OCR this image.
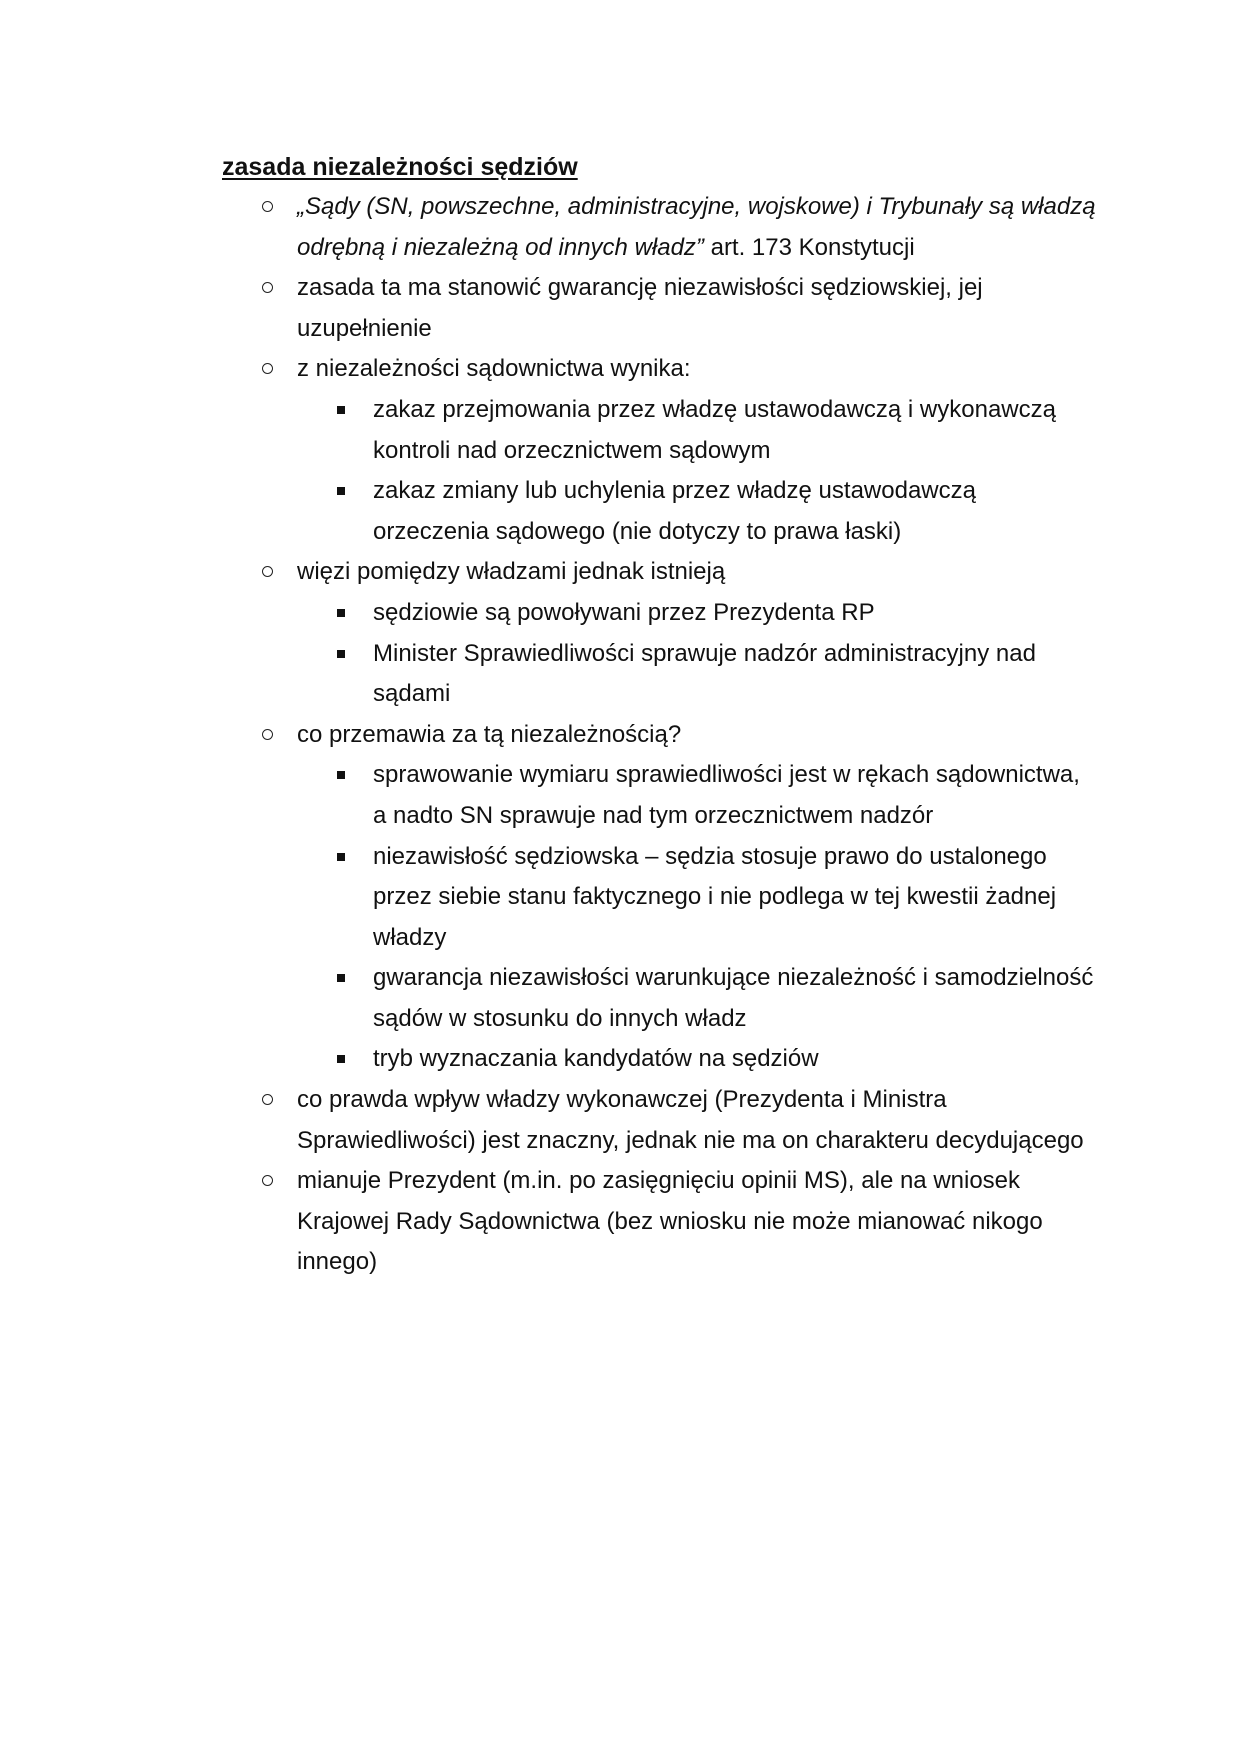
zasada niezależności sędziów
„Sądy (SN, powszechne, administracyjne, wojskowe) i Trybunały są władzą odrębną i niezależną od innych władz” art. 173 Konstytucji
zasada ta ma stanowić gwarancję niezawisłości sędziowskiej, jej uzupełnienie
z niezależności sądownictwa wynika:
zakaz przejmowania przez władzę ustawodawczą i wykonawczą kontroli nad orzecznictwem sądowym
zakaz zmiany lub uchylenia przez władzę ustawodawczą orzeczenia sądowego (nie dotyczy to prawa łaski)
więzi pomiędzy władzami jednak istnieją
sędziowie są powoływani przez Prezydenta RP
Minister Sprawiedliwości sprawuje nadzór administracyjny nad sądami
co przemawia za tą niezależnością?
sprawowanie wymiaru sprawiedliwości jest w rękach sądownictwa, a nadto SN sprawuje nad tym orzecznictwem nadzór
niezawisłość sędziowska – sędzia stosuje prawo do ustalonego przez siebie stanu faktycznego i nie podlega w tej kwestii żadnej władzy
gwarancja niezawisłości warunkujące niezależność i samodzielność sądów w stosunku do innych władz
tryb wyznaczania kandydatów na sędziów
co prawda wpływ władzy wykonawczej (Prezydenta i Ministra Sprawiedliwości) jest znaczny, jednak nie ma on charakteru decydującego
mianuje Prezydent (m.in. po zasięgnięciu opinii MS), ale na wniosek Krajowej Rady Sądownictwa (bez wniosku nie może mianować nikogo innego)
